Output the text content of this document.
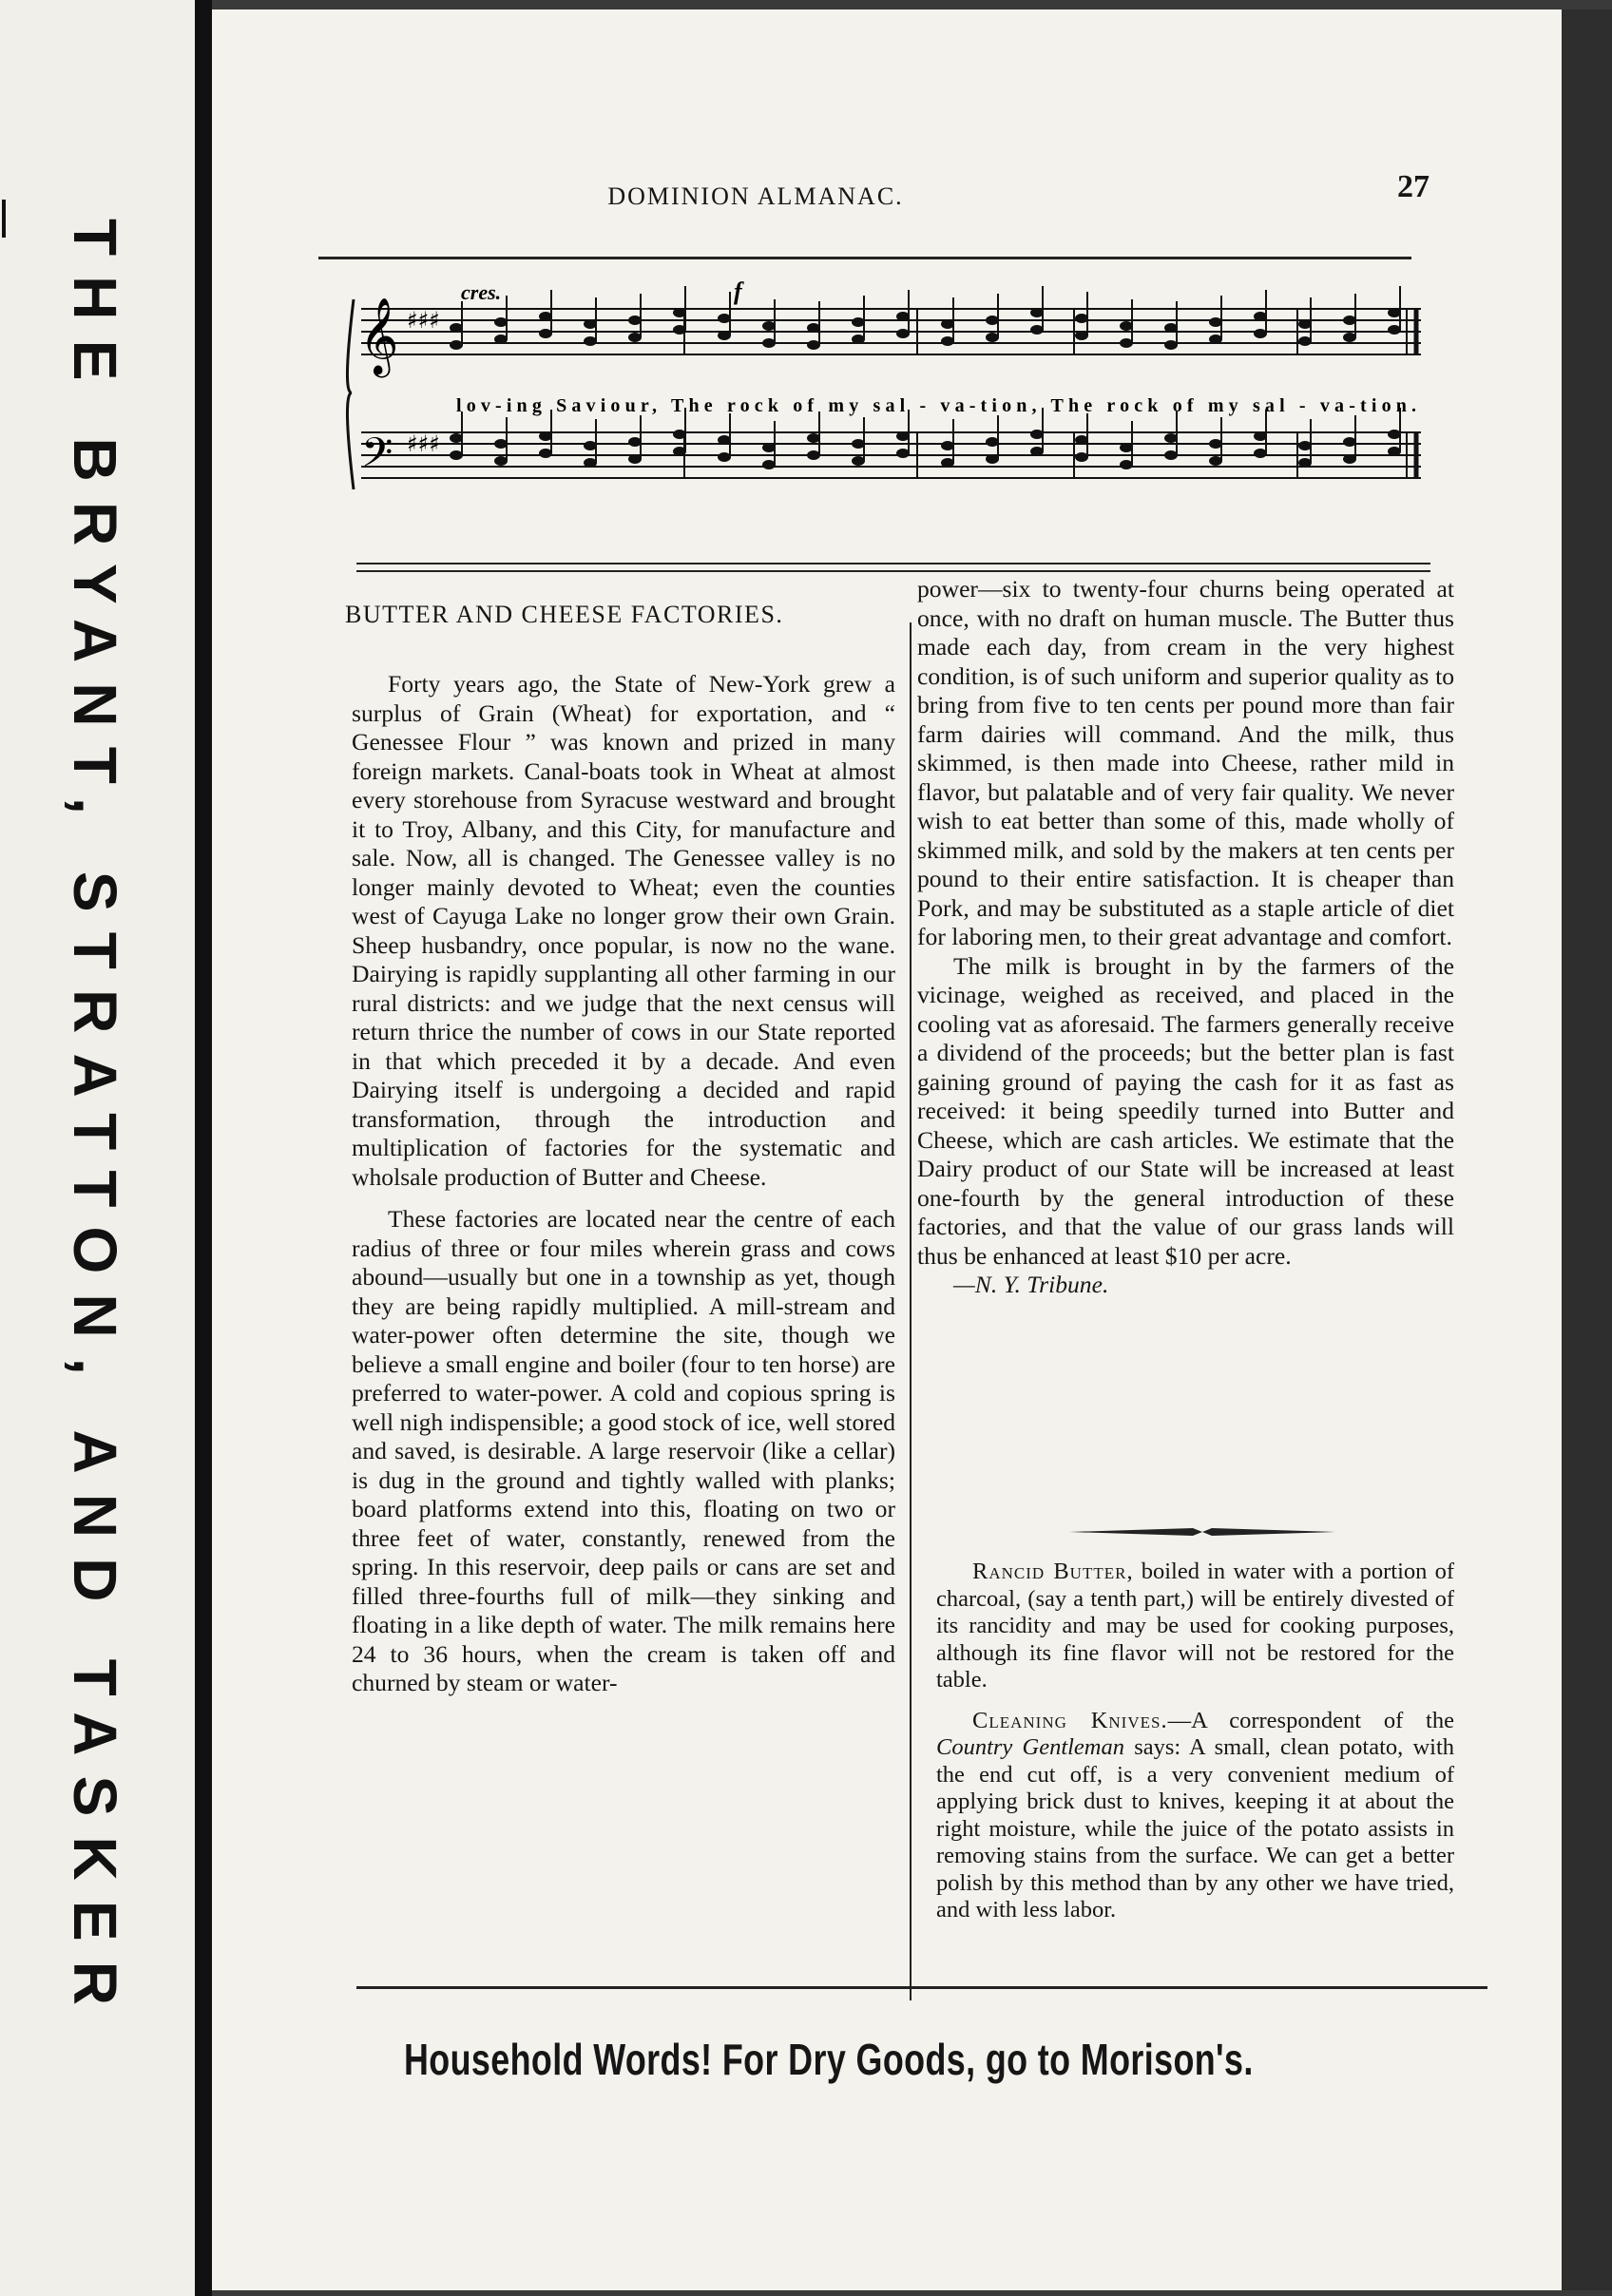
THE BRYANT, STRATTON, AND TASKER
DOMINION ALMANAC.	27
𝄞
𝄢
♯♯♯
♯♯♯
cres.	f
lov-ing Saviour, The rock of my sal - va-tion, The rock of my sal - va-tion.
BUTTER AND CHEESE FACTORIES.

Forty years ago, the State of New-York grew a surplus of Grain (Wheat) for exportation, and “ Genessee Flour ” was known and prized in many foreign markets. Canal-boats took in Wheat at almost every storehouse from Syracuse westward and brought it to Troy, Albany, and this City, for manufacture and sale. Now, all is changed. The Genessee valley is no longer mainly devoted to Wheat; even the counties west of Cayuga Lake no longer grow their own Grain. Sheep husbandry, once popular, is now no the wane. Dairying is rapidly supplanting all other farming in our rural districts: and we judge that the next census will return thrice the number of cows in our State reported in that which preceded it by a decade. And even Dairying itself is undergoing a decided and rapid transformation, through the introduction and multiplication of factories for the systematic and wholsale production of Butter and Cheese.

These factories are located near the centre of each radius of three or four miles wherein grass and cows abound—usually but one in a township as yet, though they are being rapidly multiplied. A mill-stream and water-power often determine the site, though we believe a small engine and boiler (four to ten horse) are preferred to water-power. A cold and copious spring is well nigh indispensible; a good stock of ice, well stored and saved, is desirable. A large reservoir (like a cellar) is dug in the ground and tightly walled with planks; board platforms extend into this, floating on two or three feet of water, constantly, renewed from the spring. In this reservoir, deep pails or cans are set and filled three-fourths full of milk—they sinking and floating in a like depth of water. The milk remains here 24 to 36 hours, when the cream is taken off and churned by steam or water-

power—six to twenty-four churns being operated at once, with no draft on human muscle. The Butter thus made each day, from cream in the very highest condition, is of such uniform and superior quality as to bring from five to ten cents per pound more than fair farm dairies will command. And the milk, thus skimmed, is then made into Cheese, rather mild in flavor, but palatable and of very fair quality. We never wish to eat better than some of this, made wholly of skimmed milk, and sold by the makers at ten cents per pound to their entire satisfaction. It is cheaper than Pork, and may be substituted as a staple article of diet for laboring men, to their great advantage and comfort.

The milk is brought in by the farmers of the vicinage, weighed as received, and placed in the cooling vat as aforesaid. The farmers generally receive a dividend of the proceeds; but the better plan is fast gaining ground of paying the cash for it as fast as received: it being speedily turned into Butter and Cheese, which are cash articles. We estimate that the Dairy product of our State will be increased at least one-fourth by the general introduction of these factories, and that the value of our grass lands will thus be enhanced at least $10 per acre.

—N. Y. Tribune.

Rancid Butter, boiled in water with a portion of charcoal, (say a tenth part,) will be entirely divested of its rancidity and may be used for cooking purposes, although its fine flavor will not be restored for the table.

Cleaning Knives.—A correspondent of the Country Gentleman says: A small, clean potato, with the end cut off, is a very convenient medium of applying brick dust to knives, keeping it at about the right moisture, while the juice of the potato assists in removing stains from the surface. We can get a better polish by this method than by any other we have tried, and with less labor.

Household Words! For Dry Goods, go to Morison's.
